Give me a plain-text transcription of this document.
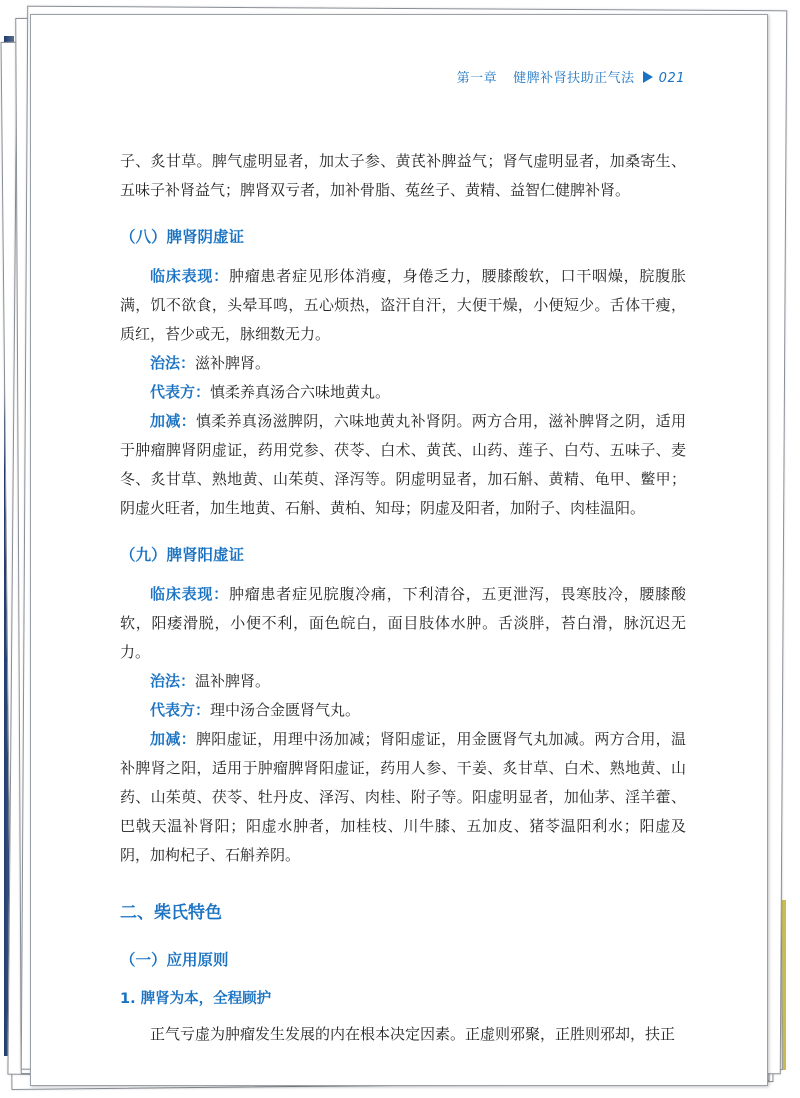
第一章 健脾补肾扶助正气法 021

子、炙甘草。脾气虚明显者，加太子参、黄芪补脾益气；肾气虚明显者，加桑寄生、五味子补肾益气；脾肾双亏者，加补骨脂、菟丝子、黄精、益智仁健脾补肾。

（八）脾肾阴虚证

临床表现：肿瘤患者症见形体消瘦，身倦乏力，腰膝酸软，口干咽燥，脘腹胀满，饥不欲食，头晕耳鸣，五心烦热，盗汗自汗，大便干燥，小便短少。舌体干瘦，质红，苔少或无，脉细数无力。

治法：滋补脾肾。

代表方：慎柔养真汤合六味地黄丸。

加减：慎柔养真汤滋脾阴，六味地黄丸补肾阴。两方合用，滋补脾肾之阴，适用于肿瘤脾肾阴虚证，药用党参、茯苓、白术、黄芪、山药、莲子、白芍、五味子、麦冬、炙甘草、熟地黄、山茱萸、泽泻等。阴虚明显者，加石斛、黄精、龟甲、鳖甲；阴虚火旺者，加生地黄、石斛、黄柏、知母；阴虚及阳者，加附子、肉桂温阳。

（九）脾肾阳虚证

临床表现：肿瘤患者症见脘腹冷痛，下利清谷，五更泄泻，畏寒肢冷，腰膝酸软，阳痿滑脱，小便不利，面色皖白，面目肢体水肿。舌淡胖，苔白滑，脉沉迟无力。

治法：温补脾肾。

代表方：理中汤合金匮肾气丸。

加减：脾阳虚证，用理中汤加减；肾阳虚证，用金匮肾气丸加减。两方合用，温补脾肾之阳，适用于肿瘤脾肾阳虚证，药用人参、干姜、炙甘草、白术、熟地黄、山药、山茱萸、茯苓、牡丹皮、泽泻、肉桂、附子等。阳虚明显者，加仙茅、淫羊藿、巴戟天温补肾阳；阳虚水肿者，加桂枝、川牛膝、五加皮、猪苓温阳利水；阳虚及阴，加枸杞子、石斛养阴。

二、柴氏特色
（一）应用原则
1. 脾肾为本，全程顾护

正气亏虚为肿瘤发生发展的内在根本决定因素。正虚则邪聚，正胜则邪却，扶正
